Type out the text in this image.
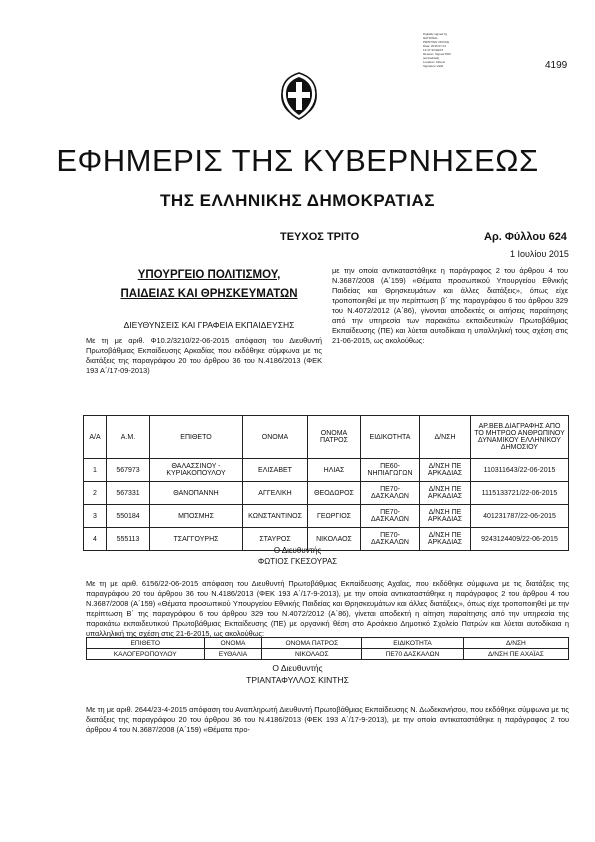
Digitally signed by
NATIONAL
PRINTING OFFICE
Date: 2015.07.01
12:47:33 EEST
Reason: Signed PDF
(embedded)
Location: Athens
Signature Valid	4199
ΕΦΗΜΕΡΙΣ ΤΗΣ ΚΥΒΕΡΝΗΣΕΩΣ
ΤΗΣ ΕΛΛΗΝΙΚΗΣ ΔΗΜΟΚΡΑΤΙΑΣ
ΤΕΥΧΟΣ ΤΡΙΤΟ	Αρ. Φύλλου 624
1 Ιουλίου 2015
ΥΠΟΥΡΓΕΙΟ ΠΟΛΙΤΙΣΜΟΥ,
ΠΑΙΔΕΙΑΣ ΚΑΙ ΘΡΗΣΚΕΥΜΑΤΩΝ
ΔΙΕΥΘΥΝΣΕΙΣ ΚΑΙ ΓΡΑΦΕΙΑ ΕΚΠΑΙΔΕΥΣΗΣ
Με τη με αριθ. Φ10.2/3210/22-06-2015 απόφαση του Διευθυντή Πρωτοβάθμιας Εκπαίδευσης Αρκαδίας που εκδόθηκε σύμφωνα με τις διατάξεις της παραγράφου 20 του άρθρου 36 του Ν.4186/2013 (ΦΕΚ 193 Α΄/17-09-2013)
με την οποία αντικαταστάθηκε η παράγραφος 2 του άρθρου 4 του Ν.3687/2008 (Α΄159) «Θέματα προσωπικού Υπουργείου Εθνικής Παιδείας και Θρησκευμάτων και άλλες διατάξεις», όπως είχε τροποποιηθεί με την περίπτωση β΄ της παραγράφου 6 του άρθρου 329 του Ν.4072/2012 (Α΄86), γίνονται αποδεκτές οι αιτήσεις παραίτησης από την υπηρεσία των παρακάτω εκπαιδευτικών Πρωτοβάθμιας Εκπαίδευσης (ΠΕ) και λύεται αυτοδίκαια η υπαλληλική τους σχέση στις 21-06-2015, ως ακολούθως:
Α/Α	Α.Μ.	ΕΠΙΘΕΤΟ	ΟΝΟΜΑ	ΟΝΟΜΑ ΠΑΤΡΟΣ	ΕΙΔΙΚΟΤΗΤΑ	Δ/ΝΣΗ	ΑΡ.ΒΕΒ.ΔΙΑΓΡΑΦΗΣ ΑΠΟ ΤΟ ΜΗΤΡΩΟ ΑΝΘΡΩΠΙΝΟΥ ΔΥΝΑΜΙΚΟΥ ΕΛΛΗΝΙΚΟΥ ΔΗΜΟΣΙΟΥ
1	567973	ΘΑΛΑΣΣΙΝΟΥ - ΚΥΡΙΑΚΟΠΟΥΛΟΥ	ΕΛΙΣΑΒΕΤ	ΗΛΙΑΣ	ΠΕ60-ΝΗΠΙΑΓΩΓΩΝ	Δ/ΝΣΗ ΠΕ ΑΡΚΑΔΙΑΣ	110311643/22-06-2015
2	567331	ΘΑΝΟΠΑΝΝΗ	ΑΓΓΕΛΙΚΗ	ΘΕΟΔΩΡΟΣ	ΠΕ70-ΔΑΣΚΑΛΩΝ	Δ/ΝΣΗ ΠΕ ΑΡΚΑΔΙΑΣ	1115133721/22-06-2015
3	550184	ΜΠΟΣΜΗΣ	ΚΩΝΣΤΑΝΤΙΝΟΣ	ΓΕΩΡΓΙΟΣ	ΠΕ70-ΔΑΣΚΑΛΩΝ	Δ/ΝΣΗ ΠΕ ΑΡΚΑΔΙΑΣ	401231787/22-06-2015
4	555113	ΤΣΑΓΓΟΥΡΗΣ	ΣΤΑΥΡΟΣ	ΝΙΚΟΛΑΟΣ	ΠΕ70-ΔΑΣΚΑΛΩΝ	Δ/ΝΣΗ ΠΕ ΑΡΚΑΔΙΑΣ	9243124409/22-06-2015
Ο Διευθυντής
ΦΩΤΙΟΣ ΓΚΕΣΟΥΡΑΣ
Με τη με αριθ. 6156/22-06-2015 απόφαση του Διευθυντή Πρωτοβάθμιας Εκπαίδευσης Αχαΐας, που εκδόθηκε σύμφωνα με τις διατάξεις της παραγράφου 20 του άρθρου 36 του Ν.4186/2013 (ΦΕΚ 193 Α΄/17-9-2013), με την οποία αντικαταστάθηκε η παράγραφος 2 του άρθρου 4 του Ν.3687/2008 (Α΄159) «Θέματα προσωπικού Υπουργείου Εθνικής Παιδείας και Θρησκευμάτων και άλλες διατάξεις», όπως είχε τροποποιηθεί με την περίπτωση Β΄ της παραγράφου 6 του άρθρου 329 του Ν.4072/2012 (Α΄86), γίνεται αποδεκτή η αίτηση παραίτησης από την υπηρεσία της παρακάτω εκπαιδευτικού Πρωτοβάθμιας Εκπαίδευσης (ΠΕ) με οργανική θέση στο Αρσάκειο Δημοτικό Σχολείο Πατρών και λύεται αυτοδίκαια η υπαλληλική της σχέση στις 21-6-2015, ως ακολούθως:
ΕΠΙΘΕΤΟ	ΟΝΟΜΑ	ΟΝΟΜΑ ΠΑΤΡΟΣ	ΕΙΔΙΚΟΤΗΤΑ	Δ/ΝΣΗ
ΚΑΛΟΓΕΡΟΠΟΥΛΟΥ	ΕΥΘΑΛΙΑ	ΝΙΚΟΛΑΟΣ	ΠΕ70 ΔΑΣΚΑΛΩΝ	Δ/ΝΣΗ ΠΕ ΑΧΑΪΑΣ
Ο Διευθυντής
ΤΡΙΑΝΤΑΦΥΛΛΟΣ ΚΙΝΤΗΣ
Με τη με αριθ. 2644/23-4-2015 απόφαση του Αναπληρωτή Διευθυντή Πρωτοβάθμιας Εκπαίδευσης Ν. Δωδεκανήσου, που εκδόθηκε σύμφωνα με τις διατάξεις της παραγράφου 20 του άρθρου 36 του Ν.4186/2013 (ΦΕΚ 193 Α΄/17-9-2013), με την οποία αντικαταστάθηκε η παράγραφος 2 του άρθρου 4 του Ν.3687/2008 (Α΄159) «Θέματα προ-
